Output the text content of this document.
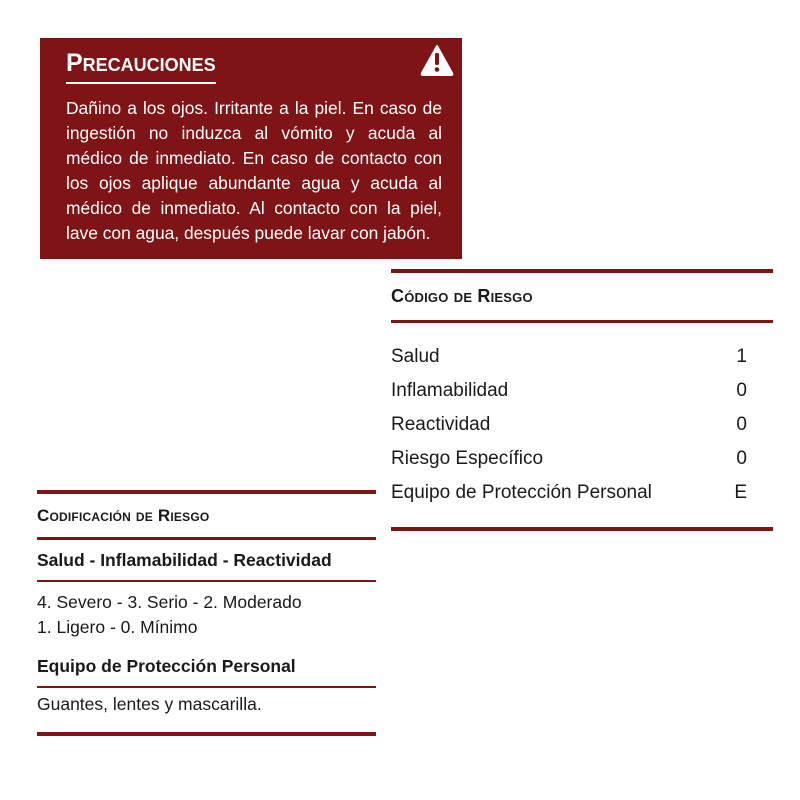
Precauciones
Dañino a los ojos. Irritante a la piel. En caso de ingestión no induzca al vómito y acuda al médico de inmediato. En caso de contacto con los ojos aplique abundante agua y acuda al médico de inmediato. Al contacto con la piel, lave con agua, después puede lavar con jabón.
Código de Riesgo
Salud	1
Inflamabilidad	0
Reactividad	0
Riesgo Específico	0
Equipo de Protección Personal	E
Codificación de Riesgo
Salud - Inflamabilidad - Reactividad
4. Severo - 3. Serio - 2. Moderado
1. Ligero - 0. Mínimo
Equipo de Protección Personal
Guantes, lentes y mascarilla.
